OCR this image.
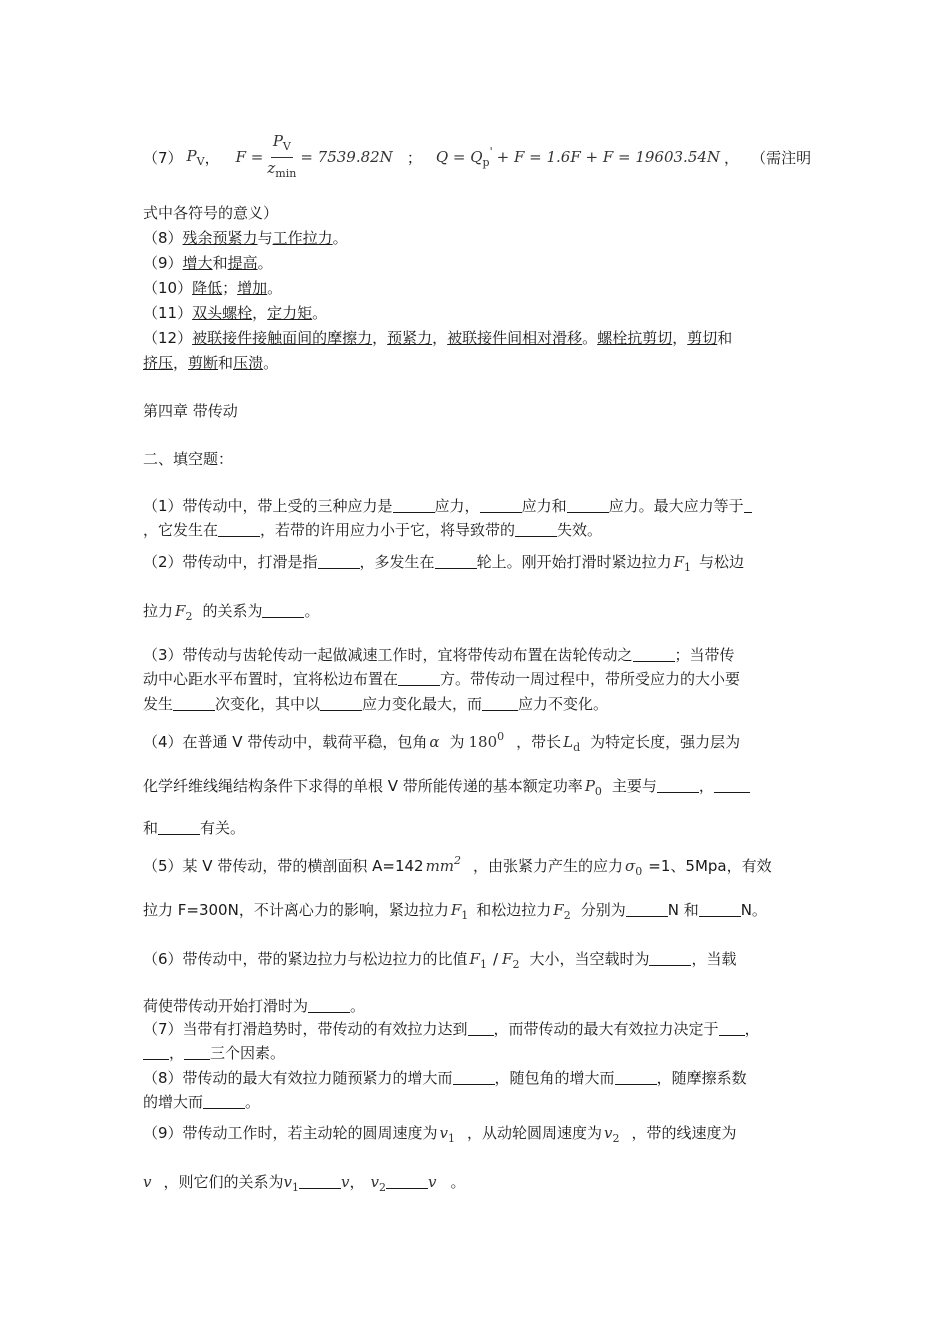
（7） $P_V$ ， $F = \frac{P_V}{z_{min}} = 7539.82N$ ； $Q = Q_p' + F = 1.6F + F = 19603.54N$ ， （需注明
式中各符号的意义）
（8）残余预紧力与工作拉力。
（9）增大和提高。
（10）降低；增加。
（11）双头螺栓，定力矩。
（12）被联接件接触面间的摩擦力，预紧力，被联接件间相对滑移。螺栓抗剪切，剪切和
挤压，剪断和压溃。
第四章 带传动
二、填空题：
（1）带传动中，带上受的三种应力是	应力，	应力和	应力。最大应力等于
，它发生在	，若带的许用应力小于它，将导致带的	失效。
（2）带传动中，打滑是指	，多发生在	轮上。刚开始打滑时紧边拉力 $F_1$ 与松边
拉力 $F_2$ 的关系为	。
（3）带传动与齿轮传动一起做减速工作时，宜将带传动布置在齿轮传动之	；当带传
动中心距水平布置时，宜将松边布置在	方。带传动一周过程中，带所受应力的大小要
发生	次变化，其中以	应力变化最大，而 应力不变化。
（4）在普通 V 带传动中，载荷平稳，包角 α 为 $180^0$ ，带长 $L_d$ 为特定长度，强力层为
化学纤维线绳结构条件下求得的单根 V 带所能传递的基本额定功率 $P_0$ 主要与	，
和	有关。
（5）某 V 带传动，带的横剖面积 A=142 $mm^2$ ，由张紧力产生的应力 $\sigma_0 =1$、5Mpa，有效
拉力 F=300N，不计离心力的影响，紧边拉力 $F_1$ 和松边拉力 $F_2$ 分别为	N 和	N。
（6）带传动中，带的紧边拉力与松边拉力的比值 $F_1 / F_2$ 大小，当空载时为	，当载
荷使带传动开始打滑时为	。
（7）当带有打滑趋势时，带传动的有效拉力达到 ，而带传动的最大有效拉力决定于 ，
， 三个因素。
（8）带传动的最大有效拉力随预紧力的增大而	，随包角的增大而	，随摩擦系数
的增大而	。
（9）带传动工作时，若主动轮的圆周速度为 $v_1$ ，从动轮圆周速度为 $v_2$ ，带的线速度为
v ，则它们的关系为$v_1$	v， $v_2$	v 。
